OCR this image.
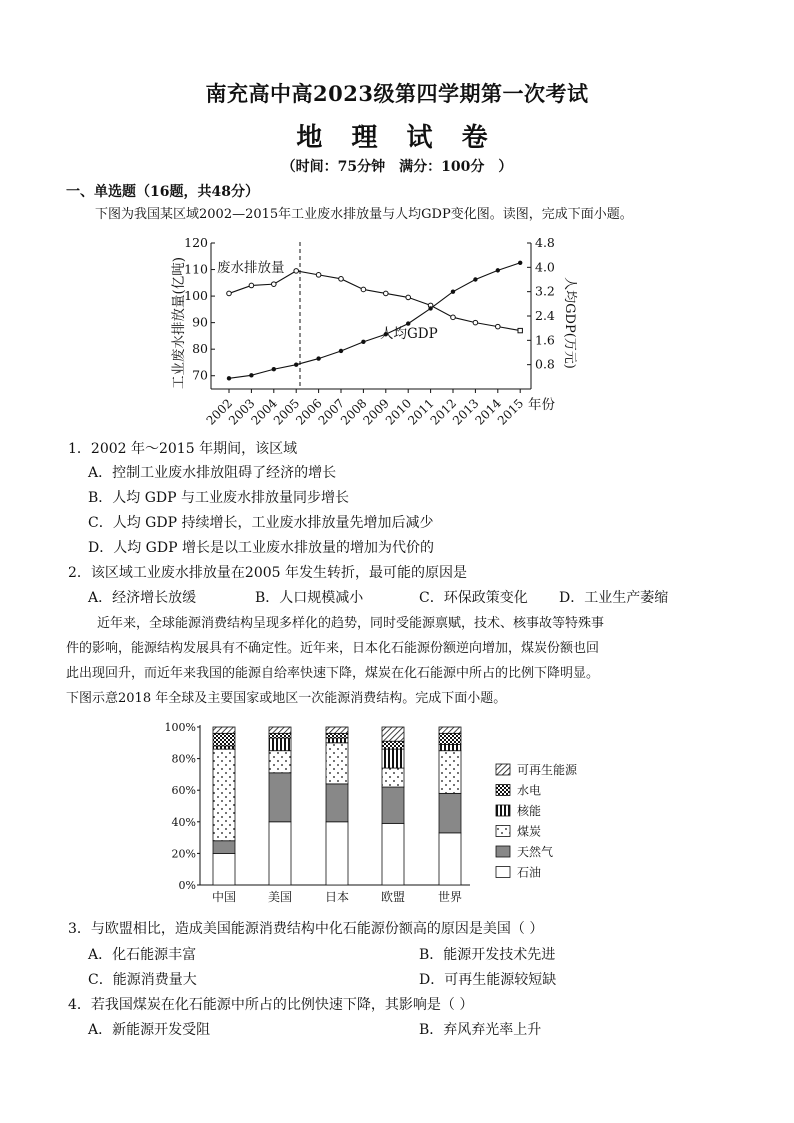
南充高中高2023级第四学期第一次考试
地 理 试 卷
（时间：75分钟　满分：100分　）
一、单选题（16题，共48分）
下图为我国某区域2002—2015年工业废水排放量与人均GDP变化图。读图，完成下面小题。
70
80
90
100
110
120
0.8
1.6
2.4
3.2
4.0
4.8
2002
2003
2004
2005
2006
2007
2008
2009
2010
2011
2012
2013
2014
2015
废水排放量
人均GDP
工业废水排放量(亿吨)	人均GDP(万元)
年份
1．2002 年～2015 年期间，该区域
A．控制工业废水排放阻碍了经济的增长
B．人均 GDP 与工业废水排放量同步增长
C．人均 GDP 持续增长，工业废水排放量先增加后减少
D．人均 GDP 增长是以工业废水排放量的增加为代价的
2．该区域工业废水排放量在2005 年发生转折，最可能的原因是
A．经济增长放缓	B．人口规模减小	C．环保政策变化 D．工业生产萎缩
近年来，全球能源消费结构呈现多样化的趋势，同时受能源禀赋，技术、核事故等特殊事
件的影响，能源结构发展具有不确定性。近年来，日本化石能源份额逆向增加，煤炭份额也回
此出现回升，而近年来我国的能源自给率快速下降，煤炭在化石能源中所占的比例下降明显。
下图示意2018 年全球及主要国家或地区一次能源消费结构。完成下面小题。
0%
20%
40%
60%
80%
100%
中国	美国	日本	欧盟	世界
可再生能源
水电
核能
煤炭
天然气
石油
3．与欧盟相比，造成美国能源消费结构中化石能源份额高的原因是美国（ ）
A．化石能源丰富	B．能源开发技术先进
C．能源消费量大	D．可再生能源较短缺
4．若我国煤炭在化石能源中所占的比例快速下降，其影响是（ ）
A．新能源开发受阻	B．弃风弃光率上升
